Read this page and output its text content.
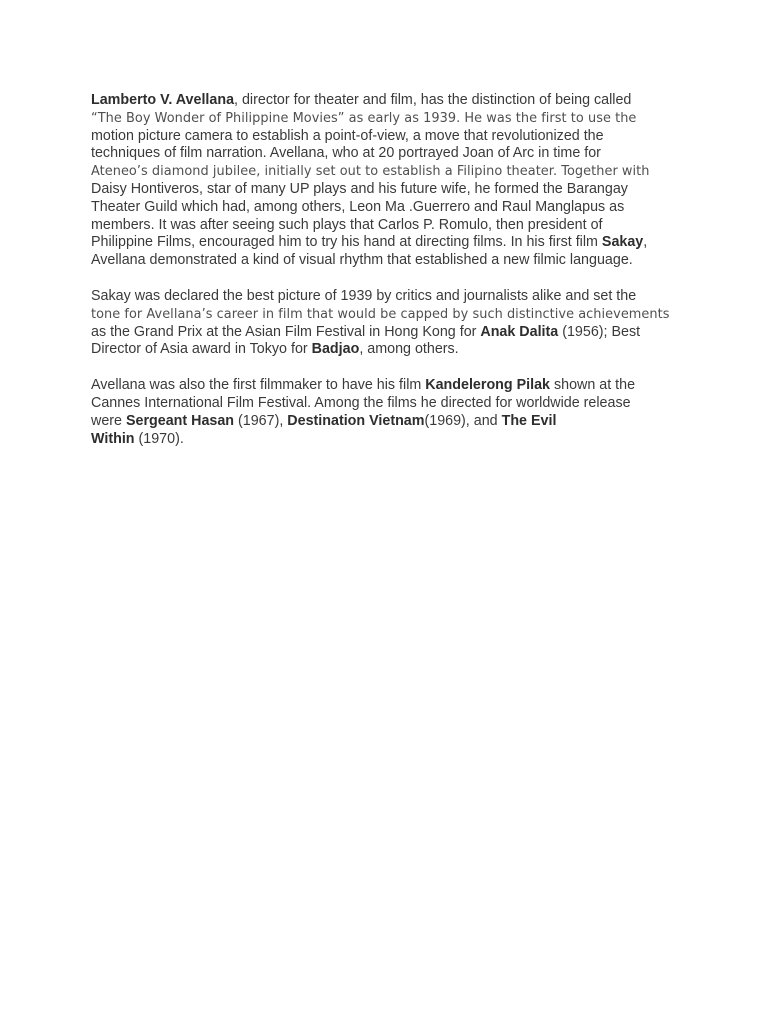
Lamberto V. Avellana, director for theater and film, has the distinction of being called
“The Boy Wonder of Philippine Movies” as early as 1939. He was the first to use the
motion picture camera to establish a point-of-view, a move that revolutionized the
techniques of film narration. Avellana, who at 20 portrayed Joan of Arc in time for
Ateneo’s diamond jubilee, initially set out to establish a Filipino theater. Together with
Daisy Hontiveros, star of many UP plays and his future wife, he formed the Barangay
Theater Guild which had, among others, Leon Ma .Guerrero and Raul Manglapus as
members. It was after seeing such plays that Carlos P. Romulo, then president of
Philippine Films, encouraged him to try his hand at directing films. In his first film Sakay,
Avellana demonstrated a kind of visual rhythm that established a new filmic language.

Sakay was declared the best picture of 1939 by critics and journalists alike and set the
tone for Avellana’s career in film that would be capped by such distinctive achievements
as the Grand Prix at the Asian Film Festival in Hong Kong for Anak Dalita (1956); Best
Director of Asia award in Tokyo for Badjao, among others.

Avellana was also the first filmmaker to have his film Kandelerong Pilak shown at the
Cannes International Film Festival. Among the films he directed for worldwide release
were Sergeant Hasan (1967), Destination Vietnam(1969), and The Evil
Within (1970).
